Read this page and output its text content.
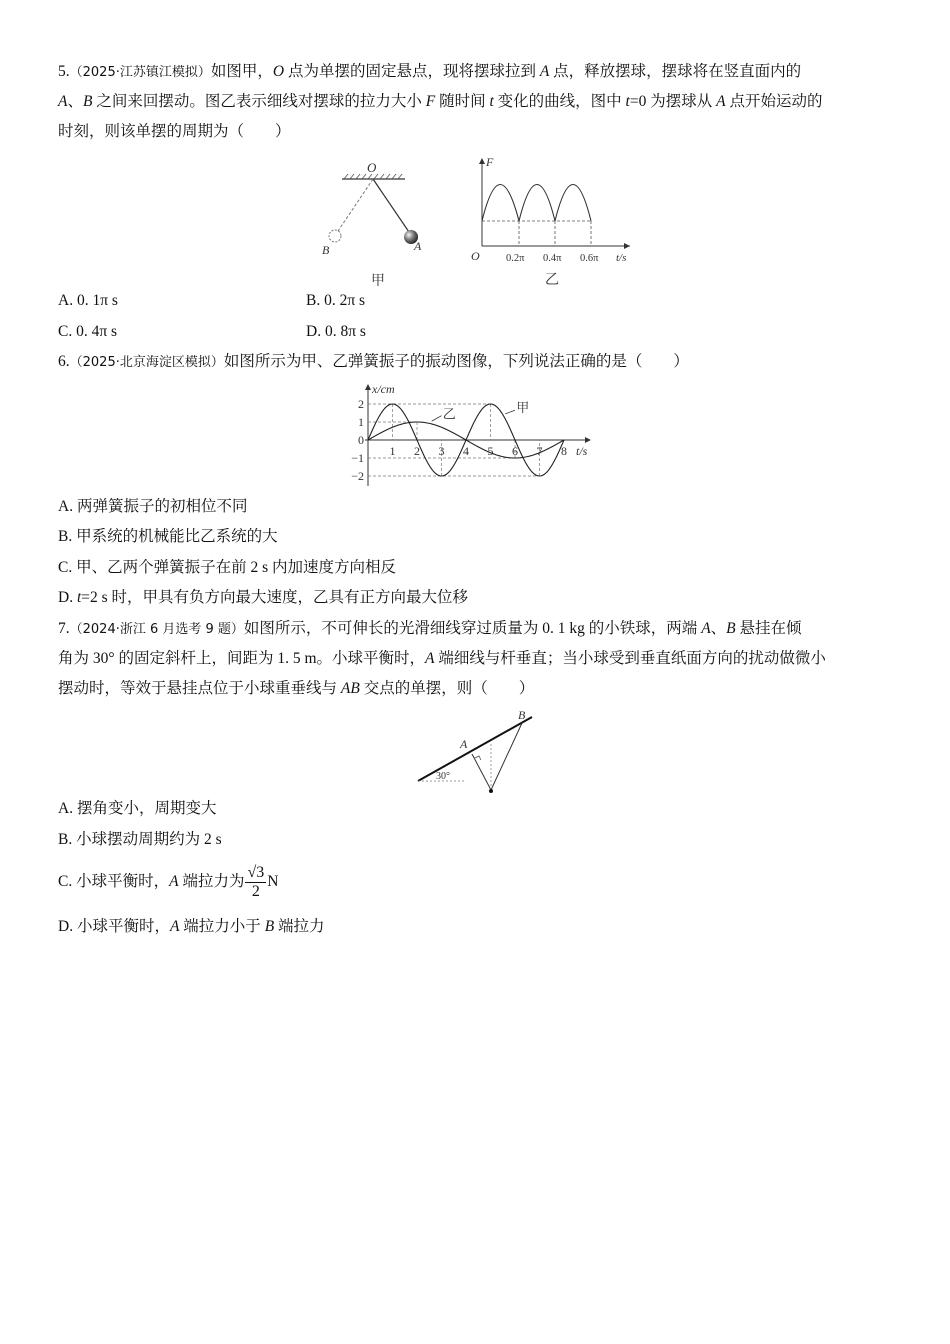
5.（2025·江苏镇江模拟）如图甲，O 点为单摆的固定悬点，现将摆球拉到 A 点，释放摆球，摆球将在竖直面内的
A、B 之间来回摆动。图乙表示细线对摆球的拉力大小 F 随时间 t 变化的曲线，图中 t=0 为摆球从 A 点开始运动的
时刻，则该单摆的周期为（　　）
O
A
B
甲
F
O	0.2π 0.4π 0.6π t/s
乙
A. 0. 1π s	B. 0. 2π s
C. 0. 4π s	D. 0. 8π s
6.（2025·北京海淀区模拟）如图所示为甲、乙弹簧振子的振动图像，下列说法正确的是（　　）
2
1
0
−1
−2
1 2 3 4 5 6 7 8
x/cm
t/s
乙	甲
A. 两弹簧振子的初相位不同
B. 甲系统的机械能比乙系统的大
C. 甲、乙两个弹簧振子在前 2 s 内加速度方向相反
D. t=2 s 时，甲具有负方向最大速度，乙具有正方向最大位移
7.（2024·浙江 6 月选考 9 题）如图所示，不可伸长的光滑细线穿过质量为 0. 1 kg 的小铁球，两端 A、B 悬挂在倾
角为 30° 的固定斜杆上，间距为 1. 5 m。小球平衡时，A 端细线与杆垂直；当小球受到垂直纸面方向的扰动做微小
摆动时，等效于悬挂点位于小球重垂线与 AB 交点的单摆，则（　　）
A
B
30°
A. 摆角变小，周期变大
B. 小球摆动周期约为 2 s
C. 小球平衡时，A 端拉力为 $\frac{√3}{2}$ N
D. 小球平衡时，A 端拉力小于 B 端拉力
